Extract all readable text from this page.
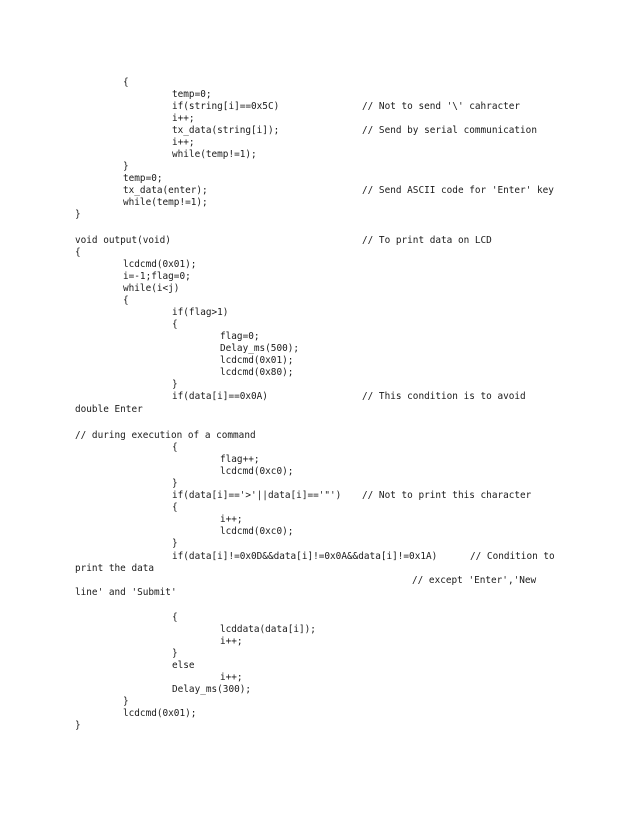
{
temp=0;
if(string[i]==0x5C)	// Not to send '\' cahracter
i++;
tx_data(string[i]);	// Send by serial communication
i++;
while(temp!=1);
}
temp=0;
tx_data(enter);	// Send ASCII code for 'Enter' key
while(temp!=1);
}
void output(void)	// To print data on LCD
{
lcdcmd(0x01);
i=-1;flag=0;
while(i<j)
{
if(flag>1)
{
flag=0;
Delay_ms(500);
lcdcmd(0x01);
lcdcmd(0x80);
}
if(data[i]==0x0A)	// This condition is to avoid
double Enter
// during execution of a command
{
flag++;
lcdcmd(0xc0);
}
if(data[i]=='>'||data[i]=='"') // Not to print this character
{
i++;
lcdcmd(0xc0);
}
if(data[i]!=0x0D&&data[i]!=0x0A&&data[i]!=0x1A)	// Condition to
print the data
// except 'Enter','New
line' and 'Submit'
{
lcddata(data[i]);
i++;
}
else
i++;
Delay_ms(300);
}
lcdcmd(0x01);
}
